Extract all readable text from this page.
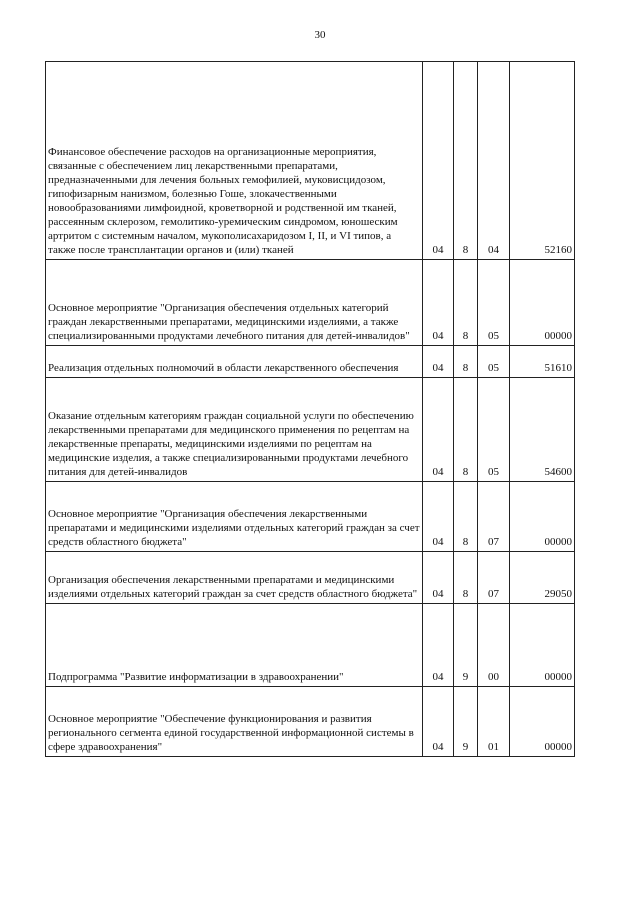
30
Финансовое обеспечение расходов на организационные мероприятия, связанные с обеспечением лиц лекарственными препаратами, предназначенными для лечения больных гемофилией, муковисцидозом, гипофизарным нанизмом, болезнью Гоше, злокачественными новообразованиями лимфоидной, кроветворной и родственной им тканей, рассеянным склерозом, гемолитико-уремическим синдромом, юношеским артритом с системным началом, мукополисахаридозом I, II, и VI типов, а также после трансплантации органов и (или) тканей	04	8	04	52160
Основное мероприятие "Организация обеспечения отдельных категорий граждан лекарственными препаратами, медицинскими изделиями, а также специализированными продуктами лечебного питания для детей-инвалидов"	04	8	05	00000
Реализация отдельных полномочий в области лекарственного обеспечения	04	8	05	51610
Оказание отдельным категориям граждан социальной услуги по обеспечению лекарственными препаратами для медицинского применения по рецептам на лекарственные препараты, медицинскими изделиями по рецептам на медицинские изделия, а также специализированными продуктами лечебного питания для детей-инвалидов	04	8	05	54600
Основное мероприятие "Организация обеспечения лекарственными препаратами и медицинскими изделиями отдельных категорий граждан за счет средств областного бюджета"	04	8	07	00000
Организация обеспечения лекарственными препаратами и медицинскими изделиями отдельных категорий граждан за счет средств областного бюджета"	04	8	07	29050
Подпрограмма "Развитие информатизации в здравоохранении"	04	9	00	00000
Основное мероприятие "Обеспечение функционирования и развития регионального сегмента единой государственной информационной системы в сфере здравоохранения"	04	9	01	00000
